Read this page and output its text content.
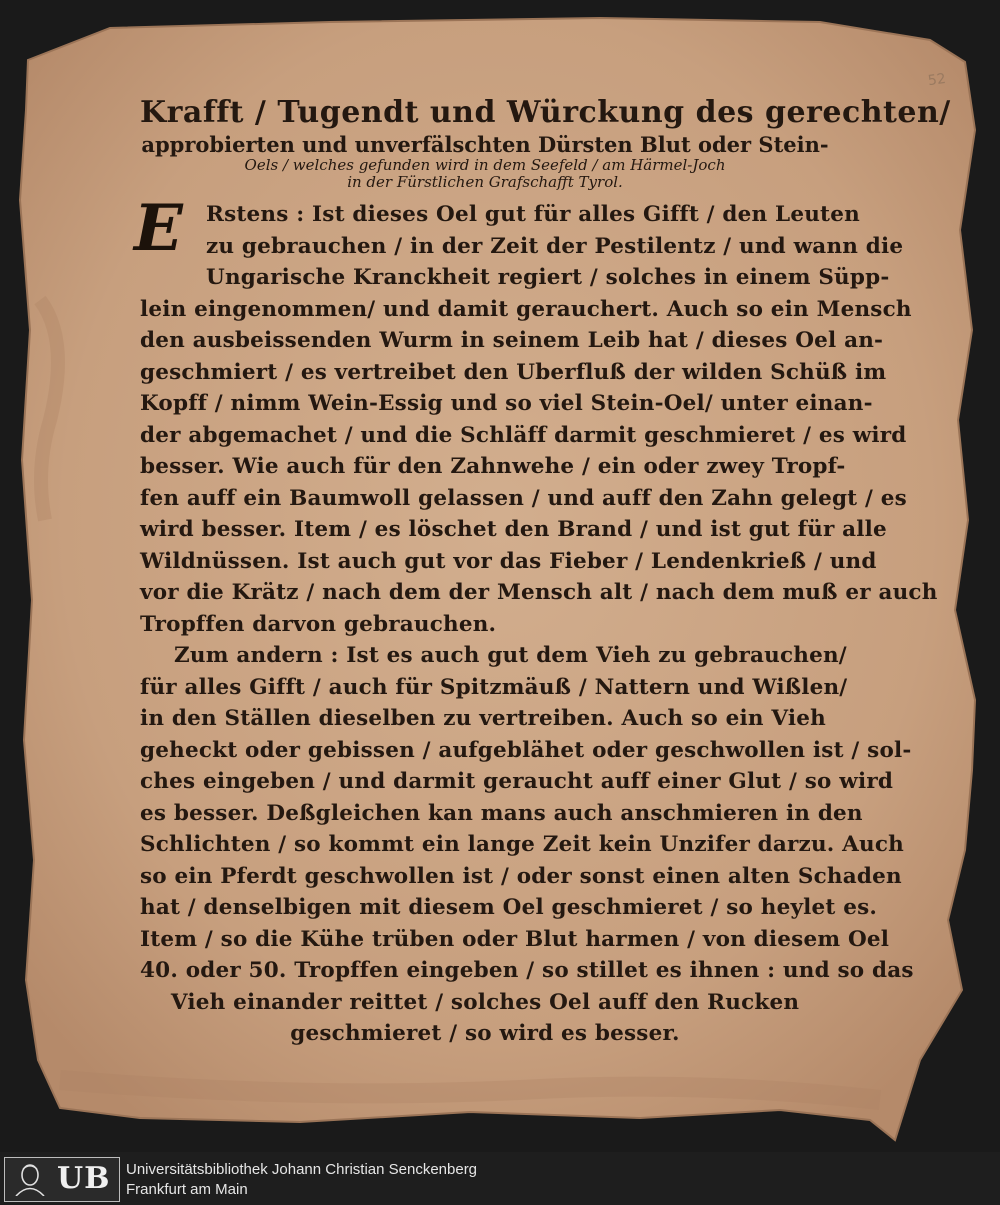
52
Krafft / Tugendt und Würckung des gerechten/
approbierten und unverfälschten Dürsten Blut oder Stein-
Oels / welches gefunden wird in dem Seefeld / am Härmel-Joch
in der Fürstlichen Grafschafft Tyrol.
E	Rstens : Ist dieses Oel gut für alles Gifft / den Leuten
zu gebrauchen / in der Zeit der Pestilentz / und wann die
Ungarische Kranckheit regiert / solches in einem Süpp-
lein eingenommen/ und damit gerauchert. Auch so ein Mensch
den ausbeissenden Wurm in seinem Leib hat / dieses Oel an-
geschmiert / es vertreibet den Uberfluß der wilden Schüß im
Kopff / nimm Wein-Essig und so viel Stein-Oel/ unter einan-
der abgemachet / und die Schläff darmit geschmieret / es wird
besser. Wie auch für den Zahnwehe / ein oder zwey Tropf-
fen auff ein Baumwoll gelassen / und auff den Zahn gelegt / es
wird besser. Item / es löschet den Brand / und ist gut für alle
Wildnüssen. Ist auch gut vor das Fieber / Lendenkrieß / und
vor die Krätz / nach dem der Mensch alt / nach dem muß er auch
Tropffen darvon gebrauchen.
Zum andern : Ist es auch gut dem Vieh zu gebrauchen/
für alles Gifft / auch für Spitzmäuß / Nattern und Wißlen/
in den Ställen dieselben zu vertreiben. Auch so ein Vieh
geheckt oder gebissen / aufgeblähet oder geschwollen ist / sol-
ches eingeben / und darmit geraucht auff einer Glut / so wird
es besser. Deßgleichen kan mans auch anschmieren in den
Schlichten / so kommt ein lange Zeit kein Unzifer darzu. Auch
so ein Pferdt geschwollen ist / oder sonst einen alten Schaden
hat / denselbigen mit diesem Oel geschmieret / so heylet es.
Item / so die Kühe trüben oder Blut harmen / von diesem Oel
40. oder 50. Tropffen eingeben / so stillet es ihnen : und so das
Vieh einander reittet / solches Oel auff den Rucken
geschmieret / so wird es besser.
UB Universitätsbibliothek Johann Christian Senckenberg
Frankfurt am Main
